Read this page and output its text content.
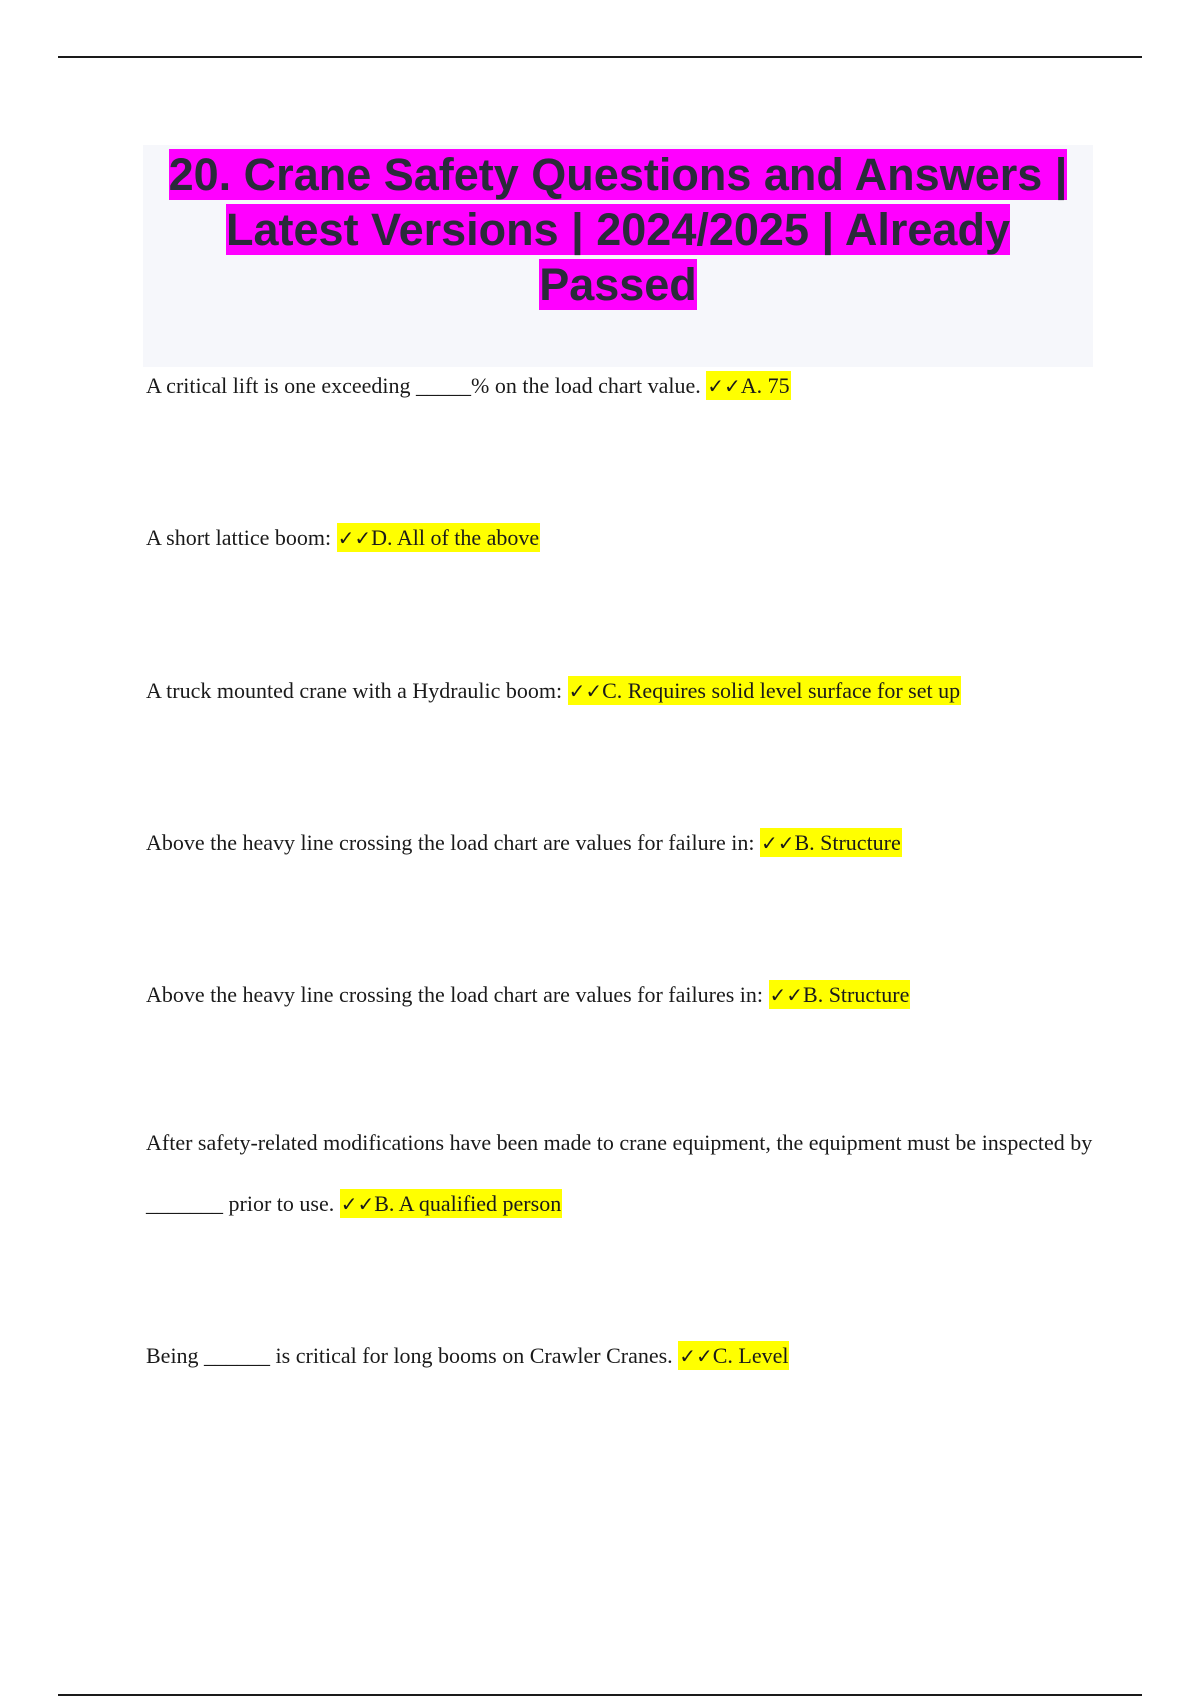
20. Crane Safety Questions and Answers | Latest Versions | 2024/2025 | Already Passed

A critical lift is one exceeding _____% on the load chart value. ✓✓A. 75

A short lattice boom: ✓✓D. All of the above

A truck mounted crane with a Hydraulic boom: ✓✓C. Requires solid level surface for set up

Above the heavy line crossing the load chart are values for failure in: ✓✓B. Structure

Above the heavy line crossing the load chart are values for failures in: ✓✓B. Structure

After safety-related modifications have been made to crane equipment, the equipment must be inspected by _______ prior to use. ✓✓B. A qualified person

Being ______ is critical for long booms on Crawler Cranes. ✓✓C. Level
